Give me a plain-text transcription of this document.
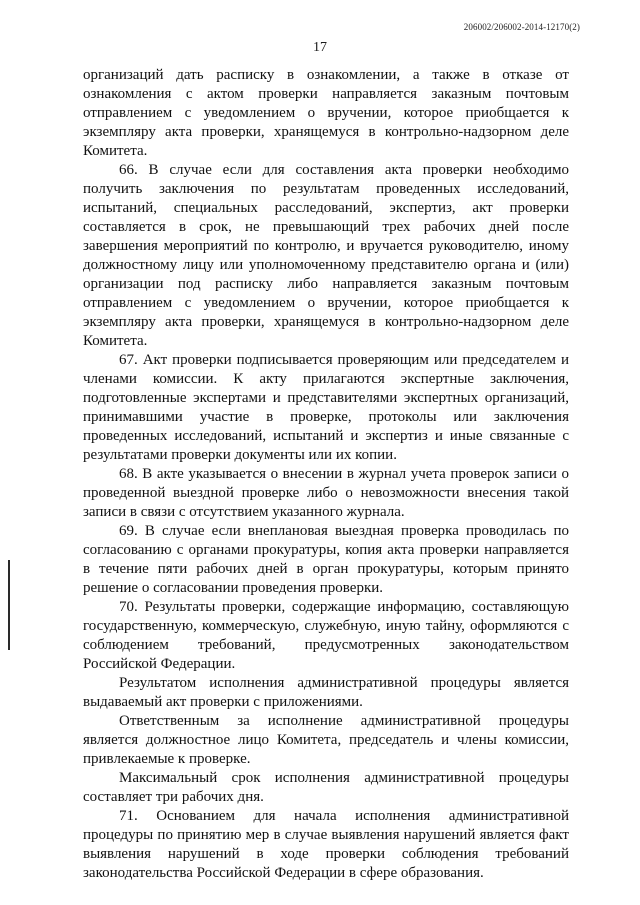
206002/206002-2014-12170(2)
17

организаций дать расписку в ознакомлении, а также в отказе от ознакомления с актом проверки направляется заказным почтовым отправлением с уведомлением о вручении, которое приобщается к экземпляру акта проверки, хранящемуся в контрольно-надзорном деле Комитета.

66. В случае если для составления акта проверки необходимо получить заключения по результатам проведенных исследований, испытаний, специальных расследований, экспертиз, акт проверки составляется в срок, не превышающий трех рабочих дней после завершения мероприятий по контролю, и вручается руководителю, иному должностному лицу или уполномоченному представителю органа и (или) организации под расписку либо направляется заказным почтовым отправлением с уведомлением о вручении, которое приобщается к экземпляру акта проверки, хранящемуся в контрольно-надзорном деле Комитета.

67. Акт проверки подписывается проверяющим или председателем и членами комиссии. К акту прилагаются экспертные заключения, подготовленные экспертами и представителями экспертных организаций, принимавшими участие в проверке, протоколы или заключения проведенных исследований, испытаний и экспертиз и иные связанные с результатами проверки документы или их копии.

68. В акте указывается о внесении в журнал учета проверок записи о проведенной выездной проверке либо о невозможности внесения такой записи в связи с отсутствием указанного журнала.

69. В случае если внеплановая выездная проверка проводилась по согласованию с органами прокуратуры, копия акта проверки направляется в течение пяти рабочих дней в орган прокуратуры, которым принято решение о согласовании проведения проверки.

70. Результаты проверки, содержащие информацию, составляющую государственную, коммерческую, служебную, иную тайну, оформляются с соблюдением требований, предусмотренных законодательством Российской Федерации.

Результатом исполнения административной процедуры является выдаваемый акт проверки с приложениями.

Ответственным за исполнение административной процедуры является должностное лицо Комитета, председатель и члены комиссии, привлекаемые к проверке.

Максимальный срок исполнения административной процедуры составляет три рабочих дня.

71. Основанием для начала исполнения административной процедуры по принятию мер в случае выявления нарушений является факт выявления нарушений в ходе проверки соблюдения требований законодательства Российской Федерации в сфере образования.
